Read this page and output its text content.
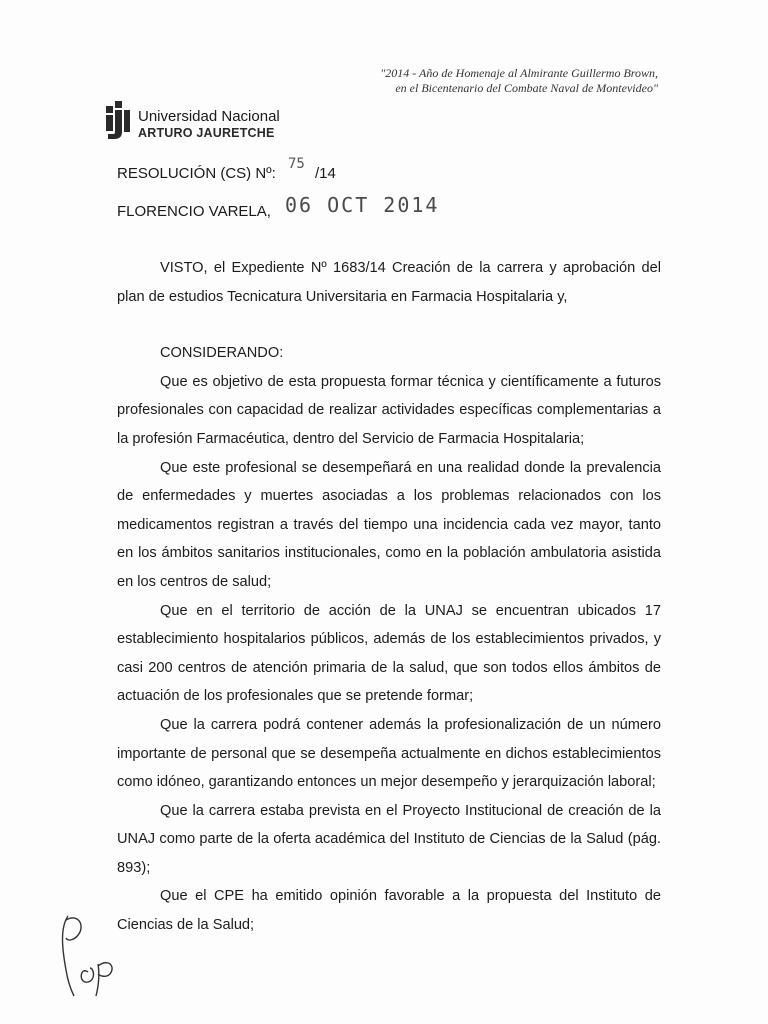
"2014 - Año de Homenaje al Almirante Guillermo Brown,
en el Bicentenario del Combate Naval de Montevideo"
Universidad Nacional
ARTURO JAURETCHE
RESOLUCIÓN (CS) Nº:
75
/14
FLORENCIO VARELA, 06 OCT 2014

VISTO, el Expediente Nº 1683/14 Creación de la carrera y aprobación del plan de estudios Tecnicatura Universitaria en Farmacia Hospitalaria y,

CONSIDERANDO:

Que es objetivo de esta propuesta formar técnica y científicamente a futuros profesionales con capacidad de realizar actividades específicas complementarias a la profesión Farmacéutica, dentro del Servicio de Farmacia Hospitalaria;

Que este profesional se desempeñará en una realidad donde la prevalencia de enfermedades y muertes asociadas a los problemas relacionados con los medicamentos registran a través del tiempo una incidencia cada vez mayor, tanto en los ámbitos sanitarios institucionales, como en la población ambulatoria asistida en los centros de salud;

Que en el territorio de acción de la UNAJ se encuentran ubicados 17 establecimiento hospitalarios públicos, además de los establecimientos privados, y casi 200 centros de atención primaria de la salud, que son todos ellos ámbitos de actuación de los profesionales que se pretende formar;

Que la carrera podrá contener además la profesionalización de un número importante de personal que se desempeña actualmente en dichos establecimientos como idóneo, garantizando entonces un mejor desempeño y jerarquización laboral;

Que la carrera estaba prevista en el Proyecto Institucional de creación de la UNAJ como parte de la oferta académica del Instituto de Ciencias de la Salud (pág. 893);

Que el CPE ha emitido opinión favorable a la propuesta del Instituto de Ciencias de la Salud;
